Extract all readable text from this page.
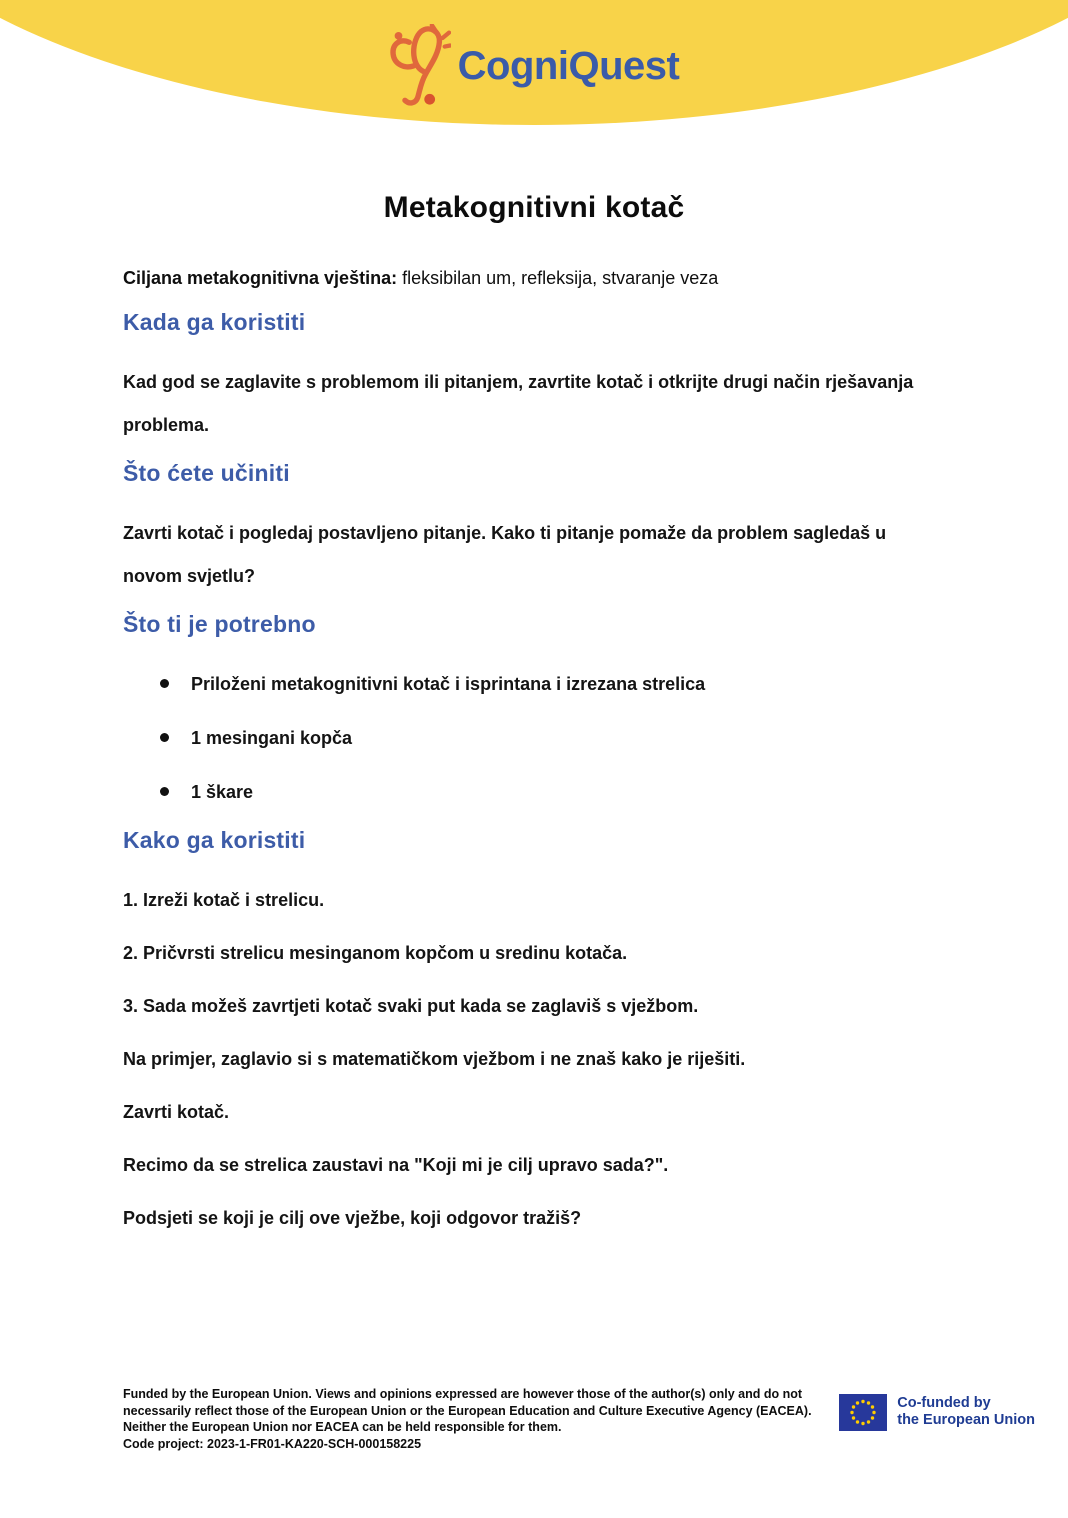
CogniQuest
Metakognitivni kotač

Ciljana metakognitivna vještina: fleksibilan um, refleksija, stvaranje veza

Kada ga koristiti

Kad god se zaglavite s problemom ili pitanjem, zavrtite kotač i otkrijte drugi način rješavanja problema.

Što ćete učiniti

Zavrti kotač i pogledaj postavljeno pitanje. Kako ti pitanje pomaže da problem sagledaš u novom svjetlu?

Što ti je potrebno
Priloženi metakognitivni kotač i isprintana i izrezana strelica
1 mesingani kopča
1 škare
Kako ga koristiti

1. Izreži kotač i strelicu.

2. Pričvrsti strelicu mesinganom kopčom u sredinu kotača.

3. Sada možeš zavrtjeti kotač svaki put kada se zaglaviš s vježbom.

Na primjer, zaglavio si s matematičkom vježbom i ne znaš kako je riješiti.

Zavrti kotač.

Recimo da se strelica zaustavi na "Koji mi je cilj upravo sada?".

Podsjeti se koji je cilj ove vježbe, koji odgovor tražiš?

Funded by the European Union. Views and opinions expressed are however those of the author(s) only and do not
necessarily reflect those of the European Union or the European Education and Culture Executive Agency (EACEA).
Neither the European Union nor EACEA can be held responsible for them.
Code project: 2023-1-FR01-KA220-SCH-000158225
Co-funded by
the European Union
